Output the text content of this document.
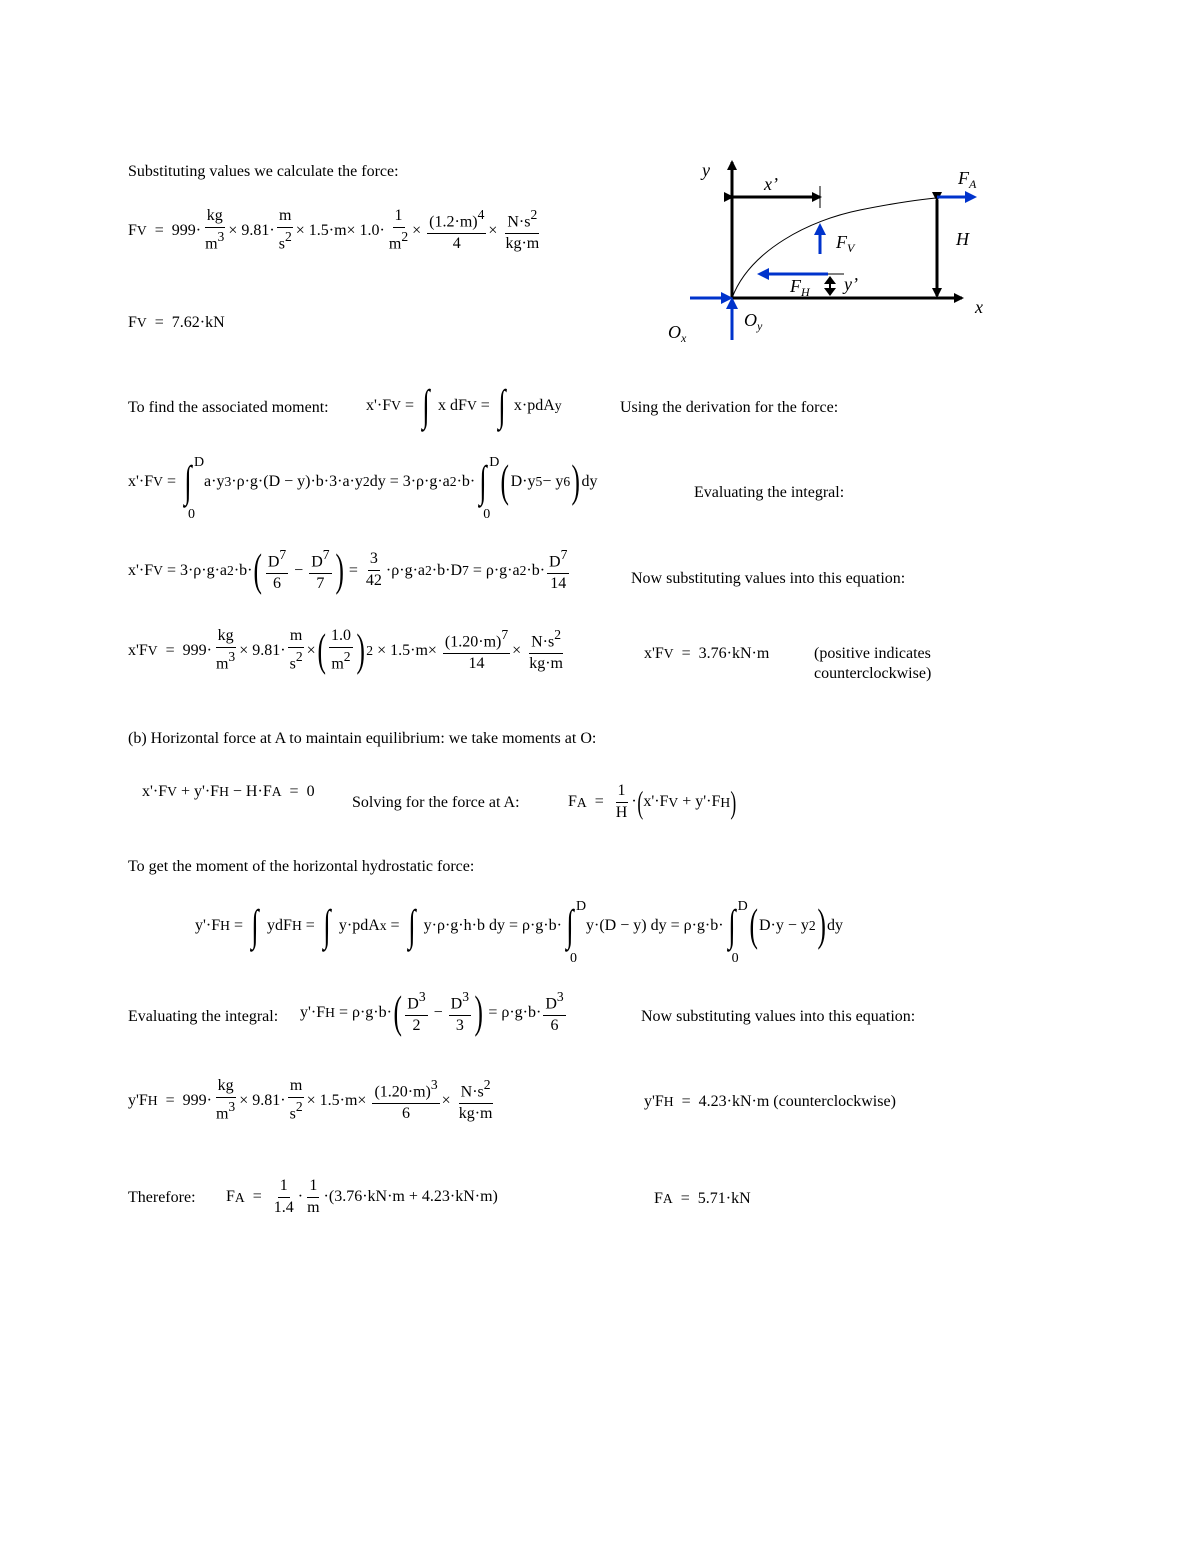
Substituting values we calculate the force:
F $V = 999\cdot \frac{kg}{m^3} \times 9.81\cdot \frac{m}{s^2} \times 1.5\cdot m\times 1.0\cdot \frac{1}{m^2} \times \frac{(1.2\cdot m)^4}{4} \times \frac{N\cdot s^2}{kg\cdot m}$
F V = 7.62·kN
To find the associated moment: x'·F V = ∫ x dF V = ∫ x·pdA y	Using the derivation for the force:
x'·F V = ∫ D
0
a·y 3 ·ρ·g·(D − y)·b·3·a·y 2 dy = 3·ρ·g·a 2 ·b· ∫ D
0

( D·y 5 − y 6 ) dy
Evaluating the integral:
x'·F V = 3·ρ·g·a 2 ·b· ( $\frac{D^7}{6} - \frac{D^7}{7}$ ) = $\frac{3}{42} \cdot\rho\cdot g\cdot a$ 2 ·b·D 7 = ρ·g·a $2 \cdot b\cdot \frac{D^7}{14}$	Now substituting values into this equation:
x'F $V = 999\cdot \frac{kg}{m^3} \times 9.81\cdot \frac{m}{s^2}$ × ( $\frac{1.0}{m^2}$ ) $2 \times 1.5\cdot m\times \frac{(1.20\cdot m)^7}{14} \times \frac{N\cdot s^2}{kg\cdot m}$	x'F V = 3.76·kN·m	(positive indicates
counterclockwise)
(b) Horizontal force at A to maintain equilibrium: we take moments at O:
x'·F V + y'·F H − H·F A =  0
Solving for the force at A:	F $A = \frac{1}{H}$ · ( x'·F V + y'·F H )
To get the moment of the horizontal hydrostatic force:
y'·F H = ∫ ydF H = ∫ y·pdA x = ∫ y·ρ·g·h·b dy = ρ·g·b· ∫ D
0
y·(D − y) dy = ρ·g·b· ∫ D
0

( D·y − y 2 ) dy
Evaluating the integral: y'·F H = ρ·g·b· ( $\frac{D^3}{2} - \frac{D^3}{3}$ ) = $\rho\cdot g\cdot b\cdot \frac{D^3}{6}$	Now substituting values into this equation:
y'F $H = 999\cdot \frac{kg}{m^3} \times 9.81\cdot \frac{m}{s^2} \times 1.5\cdot m\times \frac{(1.20\cdot m)^3}{6} \times \frac{N\cdot s^2}{kg\cdot m}$	y'F H = 4.23·kN·m (counterclockwise)
Therefore: F $A = \frac{1}{1.4} \cdot \frac{1}{m} \cdot(3.76\cdot kN\cdot m + 4.23\cdot kN\cdot m)$	F A = 5.71·kN
y
x
x’
y’
$F_A$
H
$F_V$
$F_H$
$O_x$
$O_y$
